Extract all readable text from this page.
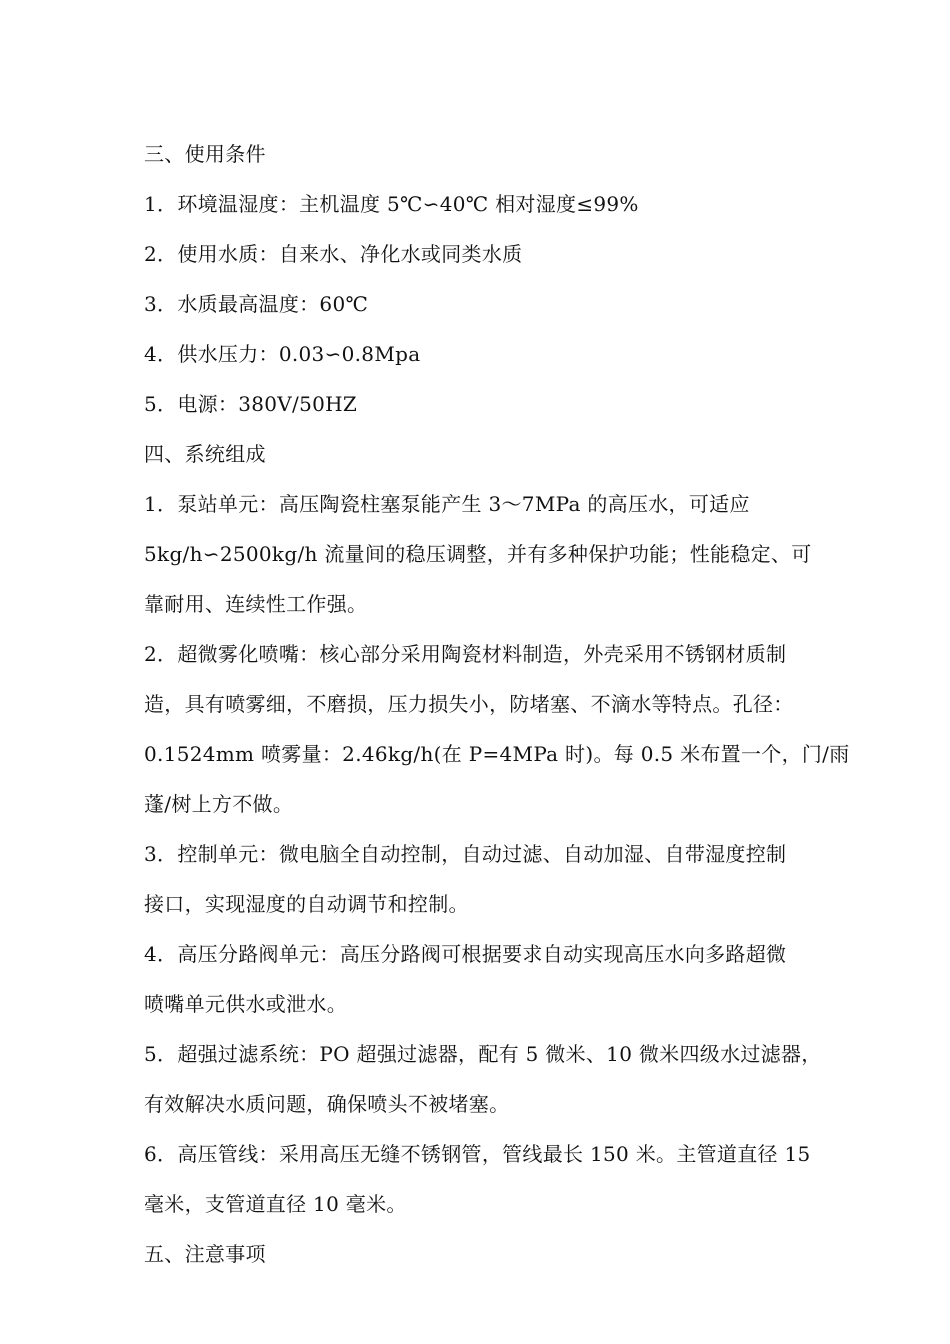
三、使用条件
1．环境温湿度：主机温度 5℃∽40℃ 相对湿度≤99%
2．使用水质：自来水、净化水或同类水质
3．水质最高温度：60℃
4．供水压力：0.03∽0.8Mpa
5．电源：380V/50HZ
四、系统组成
1．泵站单元：高压陶瓷柱塞泵能产生 3～7MPa 的高压水，可适应
5kg/h∽2500kg/h 流量间的稳压调整，并有多种保护功能；性能稳定、可
靠耐用、连续性工作强。
2．超微雾化喷嘴：核心部分采用陶瓷材料制造，外壳采用不锈钢材质制
造，具有喷雾细，不磨损，压力损失小，防堵塞、不滴水等特点。孔径：
0.1524mm 喷雾量：2.46kg/h(在 P=4MPa 时)。每 0.5 米布置一个，门/雨
蓬/树上方不做。
3．控制单元：微电脑全自动控制，自动过滤、自动加湿、自带湿度控制
接口，实现湿度的自动调节和控制。
4．高压分路阀单元：高压分路阀可根据要求自动实现高压水向多路超微
喷嘴单元供水或泄水。
5．超强过滤系统：PO 超强过滤器，配有 5 微米、10 微米四级水过滤器，
有效解决水质问题，确保喷头不被堵塞。
6．高压管线：采用高压无缝不锈钢管，管线最长 150 米。主管道直径 15
毫米，支管道直径 10 毫米。
五、注意事项
